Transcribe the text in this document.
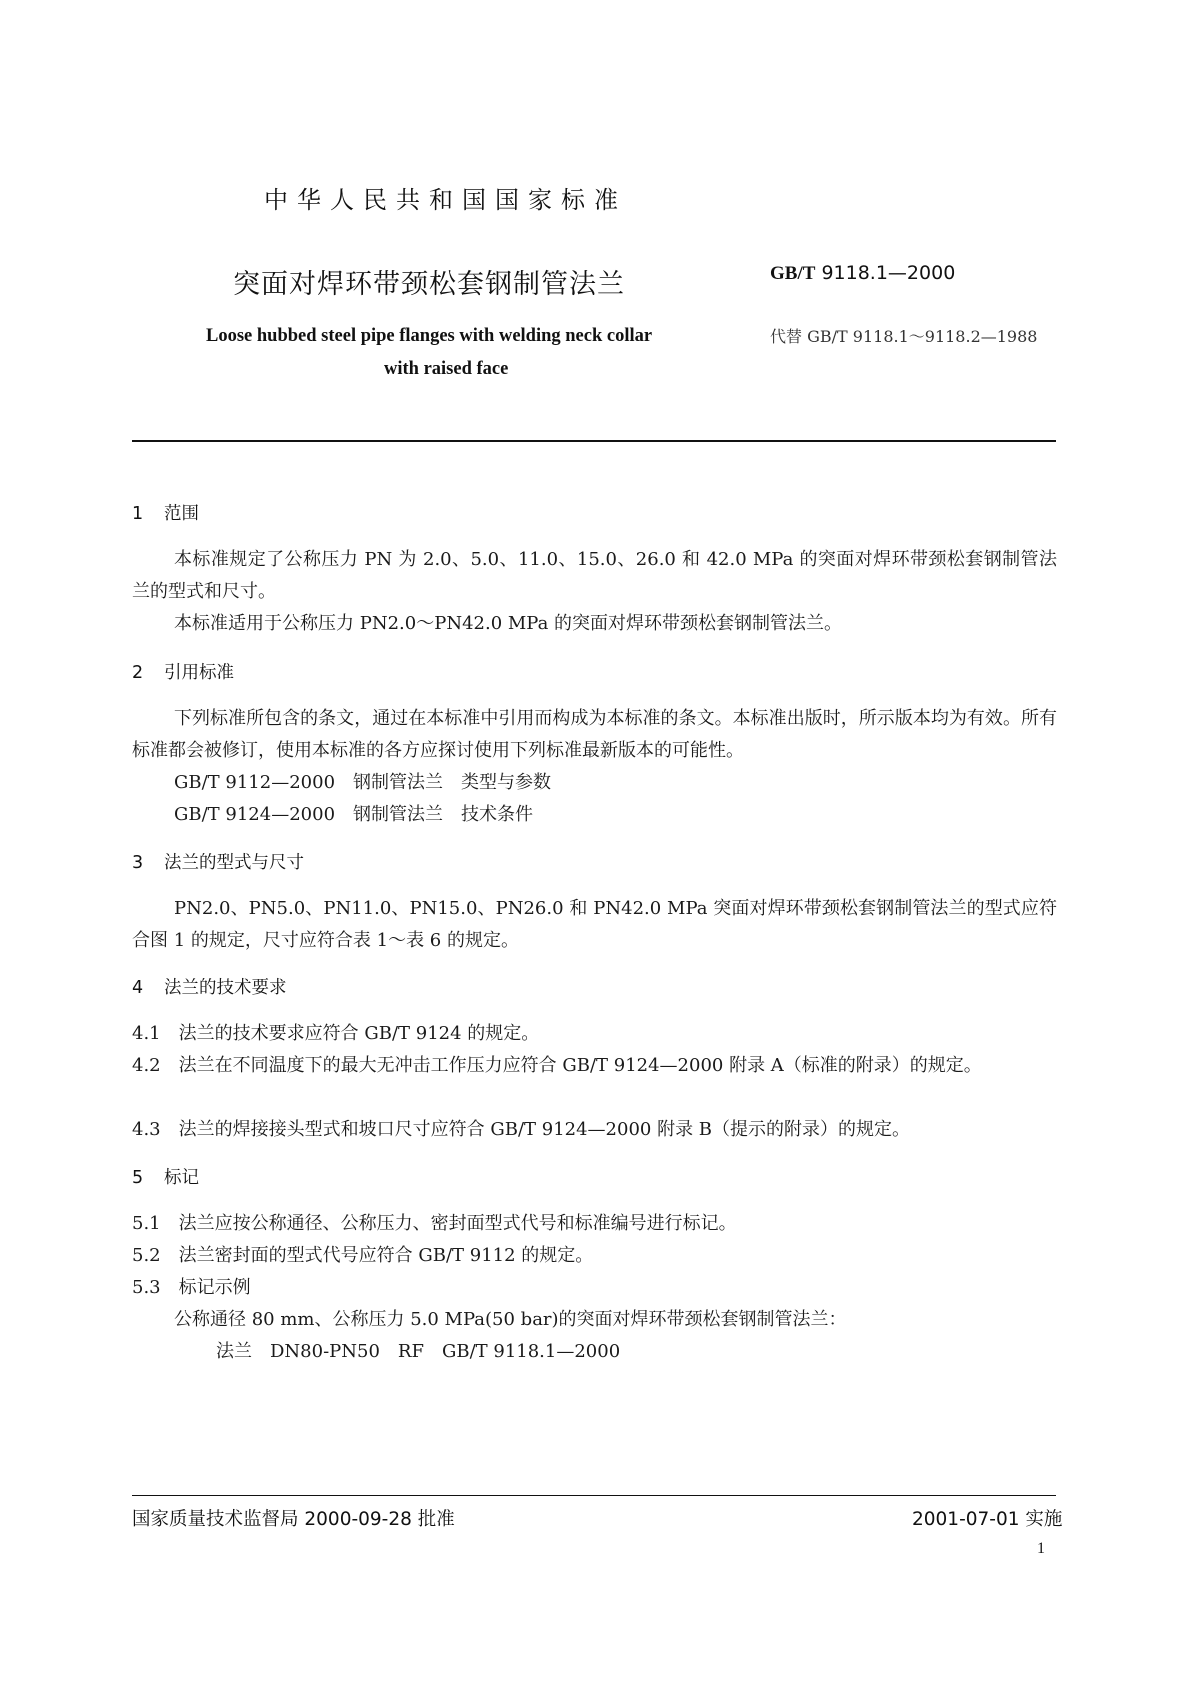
中华人民共和国国家标准
突面对焊环带颈松套钢制管法兰	GB/T 9118.1—2000
Loose hubbed steel pipe flanges with welding neck collar
with raised face
代替 GB/T 9118.1～9118.2—1988
1 范围
本标准规定了公称压力 PN 为 2.0、5.0、11.0、15.0、26.0 和 42.0 MPa 的突面对焊环带颈松套钢制管法兰的型式和尺寸。
本标准适用于公称压力 PN2.0～PN42.0 MPa 的突面对焊环带颈松套钢制管法兰。
2 引用标准
下列标准所包含的条文，通过在本标准中引用而构成为本标准的条文。本标准出版时，所示版本均为有效。所有标准都会被修订，使用本标准的各方应探讨使用下列标准最新版本的可能性。
GB/T 9112—2000　钢制管法兰　类型与参数
GB/T 9124—2000　钢制管法兰　技术条件
3 法兰的型式与尺寸
PN2.0、PN5.0、PN11.0、PN15.0、PN26.0 和 PN42.0 MPa 突面对焊环带颈松套钢制管法兰的型式应符合图 1 的规定，尺寸应符合表 1～表 6 的规定。
4 法兰的技术要求
4.1　法兰的技术要求应符合 GB/T 9124 的规定。
4.2　法兰在不同温度下的最大无冲击工作压力应符合 GB/T 9124—2000 附录 A（标准的附录）的规定。
4.3　法兰的焊接接头型式和坡口尺寸应符合 GB/T 9124—2000 附录 B（提示的附录）的规定。
5 标记
5.1　法兰应按公称通径、公称压力、密封面型式代号和标准编号进行标记。
5.2　法兰密封面的型式代号应符合 GB/T 9112 的规定。
5.3　标记示例
公称通径 80 mm、公称压力 5.0 MPa(50 bar)的突面对焊环带颈松套钢制管法兰：
法兰　DN80-PN50　RF　GB/T 9118.1—2000
国家质量技术监督局 2000-09-28 批准	2001-07-01 实施
1
